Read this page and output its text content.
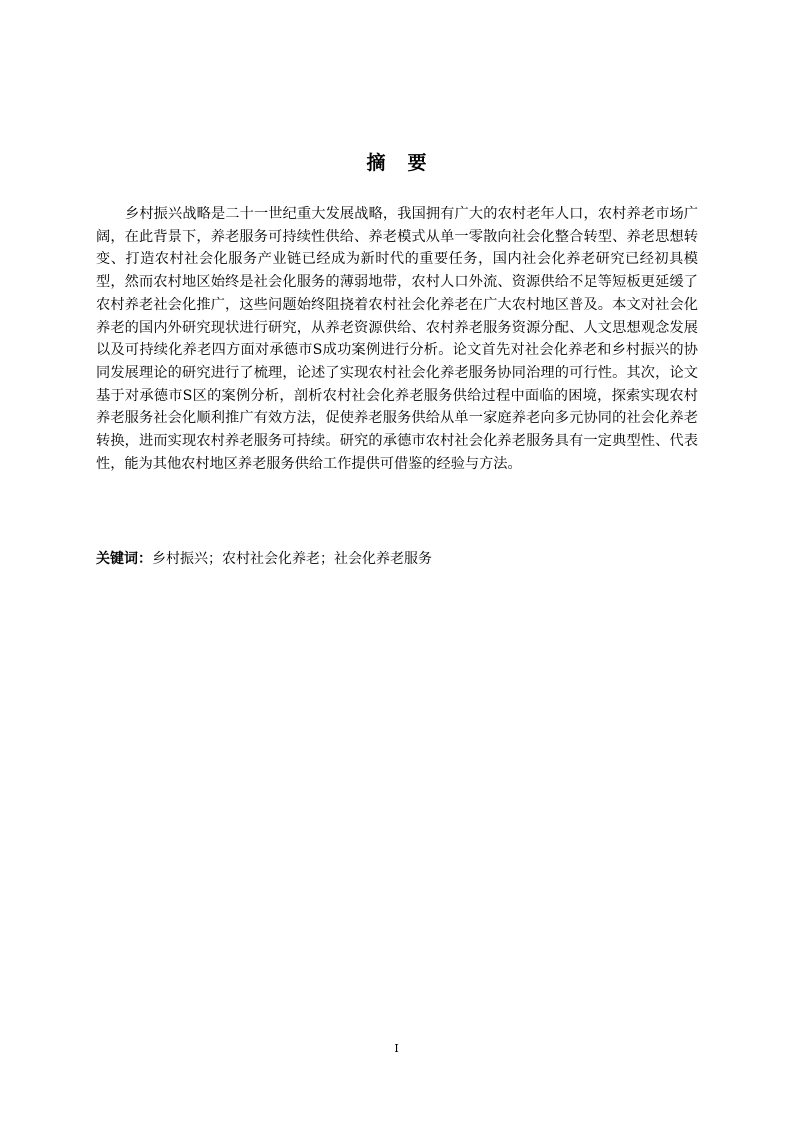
摘要

乡村振兴战略是二十一世纪重大发展战略，我国拥有广大的农村老年人口，农村养老市场广阔，在此背景下，养老服务可持续性供给、养老模式从单一零散向社会化整合转型、养老思想转变、打造农村社会化服务产业链已经成为新时代的重要任务，国内社会化养老研究已经初具模型，然而农村地区始终是社会化服务的薄弱地带，农村人口外流、资源供给不足等短板更延缓了农村养老社会化推广，这些问题始终阻挠着农村社会化养老在广大农村地区普及。本文对社会化养老的国内外研究现状进行研究，从养老资源供给、农村养老服务资源分配、人文思想观念发展以及可持续化养老四方面对承德市S成功案例进行分析。论文首先对社会化养老和乡村振兴的协同发展理论的研究进行了梳理，论述了实现农村社会化养老服务协同治理的可行性。其次，论文基于对承德市S区的案例分析，剖析农村社会化养老服务供给过程中面临的困境，探索实现农村养老服务社会化顺利推广有效方法，促使养老服务供给从单一家庭养老向多元协同的社会化养老转换，进而实现农村养老服务可持续。研究的承德市农村社会化养老服务具有一定典型性、代表性，能为其他农村地区养老服务供给工作提供可借鉴的经验与方法。

关键词：乡村振兴；农村社会化养老；社会化养老服务
I
